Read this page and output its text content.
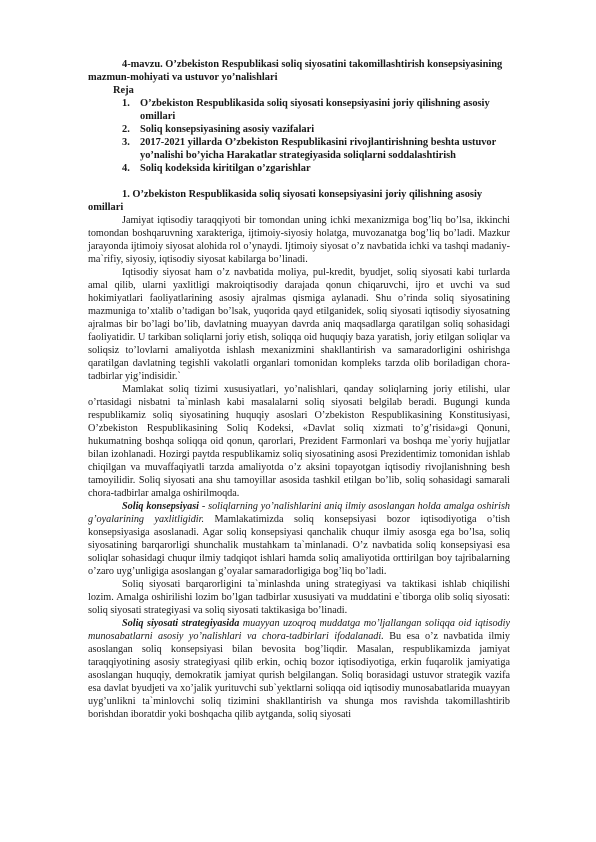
4-mavzu. O’zbekiston Respublikasi soliq siyosatini takomillashtirish konsepsiyasining mazmun-mohiyati va ustuvor yo’nalishlari

Reja

1. O’zbekiston Respublikasida soliq siyosati konsepsiyasini joriy qilishning asosiy omillari
2. Soliq konsepsiyasining asosiy vazifalari
3. 2017-2021 yillarda O’zbekiston Respublikasini rivojlantirishning beshta ustuvor yo’nalishi bo’yicha Harakatlar strategiyasida soliqlarni soddalashtirish
4. Soliq kodeksida kiritilgan o’zgarishlar

1. O’zbekiston Respublikasida soliq siyosati konsepsiyasini joriy qilishning asosiy omillari

Jamiyat iqtisodiy taraqqiyoti bir tomondan uning ichki mexanizmiga bog’liq bo’lsa, ikkinchi tomondan boshqaruvning xarakteriga, ijtimoiy-siyosiy holatga, muvozanatga bog’liq bo’ladi. Mazkur jarayonda ijtimoiy siyosat alohida rol o’ynaydi. Ijtimoiy siyosat o’z navbatida ichki va tashqi madaniy-ma`rifiy, siyosiy, iqtisodiy siyosat kabilarga bo’linadi.

Iqtisodiy siyosat ham o’z navbatida moliya, pul-kredit, byudjet, soliq siyosati kabi turlarda amal qilib, ularni yaxlitligi makroiqtisodiy darajada qonun chiqaruvchi, ijro et uvchi va sud hokimiyatlari faoliyatlarining asosiy ajralmas qismiga aylanadi. Shu o’rinda soliq siyosatining mazmuniga to’xtalib o’tadigan bo’lsak, yuqorida qayd etilganidek, soliq siyosati iqtisodiy siyosatning ajralmas bir bo’lagi bo’lib, davlatning muayyan davrda aniq maqsadlarga qaratilgan soliq sohasidagi faoliyatidir. U tarkiban soliqlarni joriy etish, soliqqa oid huquqiy baza yaratish, joriy etilgan soliqlar va soliqsiz to’lovlarni amaliyotda ishlash mexanizmini shakllantirish va samaradorligini oshirishga qaratilgan davlatning tegishli vakolatli organlari tomonidan kompleks tarzda olib boriladigan chora-tadbirlar yig’indisidir.`

Mamlakat soliq tizimi xususiyatlari, yo’nalishlari, qanday soliqlarning joriy etilishi, ular o’rtasidagi nisbatni ta`minlash kabi masalalarni soliq siyosati belgilab beradi. Bugungi kunda respublikamiz soliq siyosatining huquqiy asoslari O’zbekiston Respublikasining Konstitusiyasi, O’zbekiston Respublikasining Soliq Kodeksi, «Davlat soliq xizmati to’g’risida»gi Qonuni, hukumatning boshqa soliqqa oid qonun, qarorlari, Prezident Farmonlari va boshqa me`yoriy hujjatlar bilan izohlanadi. Hozirgi paytda respublikamiz soliq siyosatining asosi Prezidentimiz tomonidan ishlab chiqilgan va muvaffaqiyatli tarzda amaliyotda o’z aksini topayotgan iqtisodiy rivojlanishning besh tamoyilidir. Soliq siyosati ana shu tamoyillar asosida tashkil etilgan bo’lib, soliq sohasidagi samarali chora-tadbirlar amalga oshirilmoqda.

Soliq konsepsiyasi - soliqlarning yo’nalishlarini aniq ilmiy asoslangan holda amalga oshirish g’oyalarining yaxlitligidir. Mamlakatimizda soliq konsepsiyasi bozor iqtisodiyotiga o’tish konsepsiyasiga asoslanadi. Agar soliq konsepsiyasi qanchalik chuqur ilmiy asosga ega bo’lsa, soliq siyosatining barqarorligi shunchalik mustahkam ta`minlanadi. O’z navbatida soliq konsepsiyasi esa soliqlar sohasidagi chuqur ilmiy tadqiqot ishlari hamda soliq amaliyotida orttirilgan boy tajribalarning o’zaro uyg’unligiga asoslangan g’oyalar samaradorligiga bog’liq bo’ladi.

Soliq siyosati barqarorligini ta`minlashda uning strategiyasi va taktikasi ishlab chiqilishi lozim. Amalga oshirilishi lozim bo’lgan tadbirlar xususiyati va muddatini e`tiborga olib soliq siyosati: soliq siyosati strategiyasi va soliq siyosati taktikasiga bo’linadi.

Soliq siyosati strategiyasida muayyan uzoqroq muddatga mo’ljallangan soliqqa oid iqtisodiy munosabatlarni asosiy yo’nalishlari va chora-tadbirlari ifodalanadi. Bu esa o’z navbatida ilmiy asoslangan soliq konsepsiyasi bilan bevosita bog’liqdir. Masalan, respublikamizda jamiyat taraqqiyotining asosiy strategiyasi qilib erkin, ochiq bozor iqtisodiyotiga, erkin fuqarolik jamiyatiga asoslangan huquqiy, demokratik jamiyat qurish belgilangan. Soliq borasidagi ustuvor strategik vazifa esa davlat byudjeti va xo’jalik yurituvchi sub`yektlarni soliqqa oid iqtisodiy munosabatlarida muayyan uyg’unlikni ta`minlovchi soliq tizimini shakllantirish va shunga mos ravishda takomillashtirib borishdan iboratdir yoki boshqacha qilib aytganda, soliq siyosati
